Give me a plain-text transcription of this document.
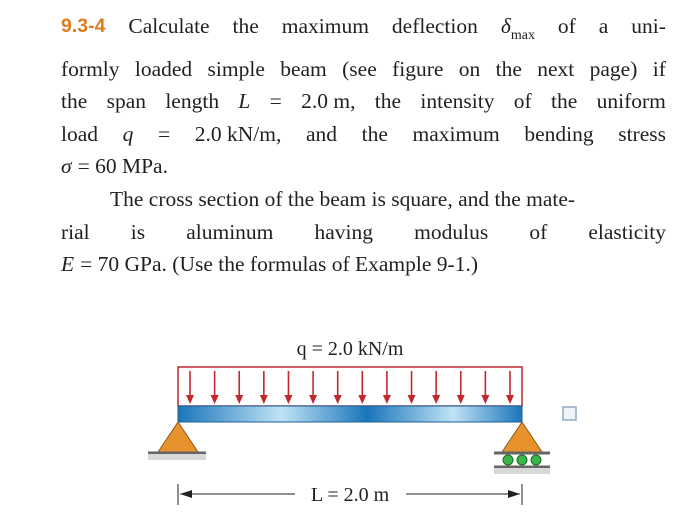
9.3-4 Calculate the maximum deflection $\delta_{max}$ of a uni-
formly loaded simple beam (see figure on the next page) if
the span length L = 2.0 m, the intensity of the uniform
load q = 2.0 kN/m, and the maximum bending stress
σ = 60 MPa.
The cross section of the beam is square, and the mate-
rial is aluminum having modulus of elasticity
E = 70 GPa. (Use the formulas of Example 9-1.)
q = 2.0 kN/m
L = 2.0 m
